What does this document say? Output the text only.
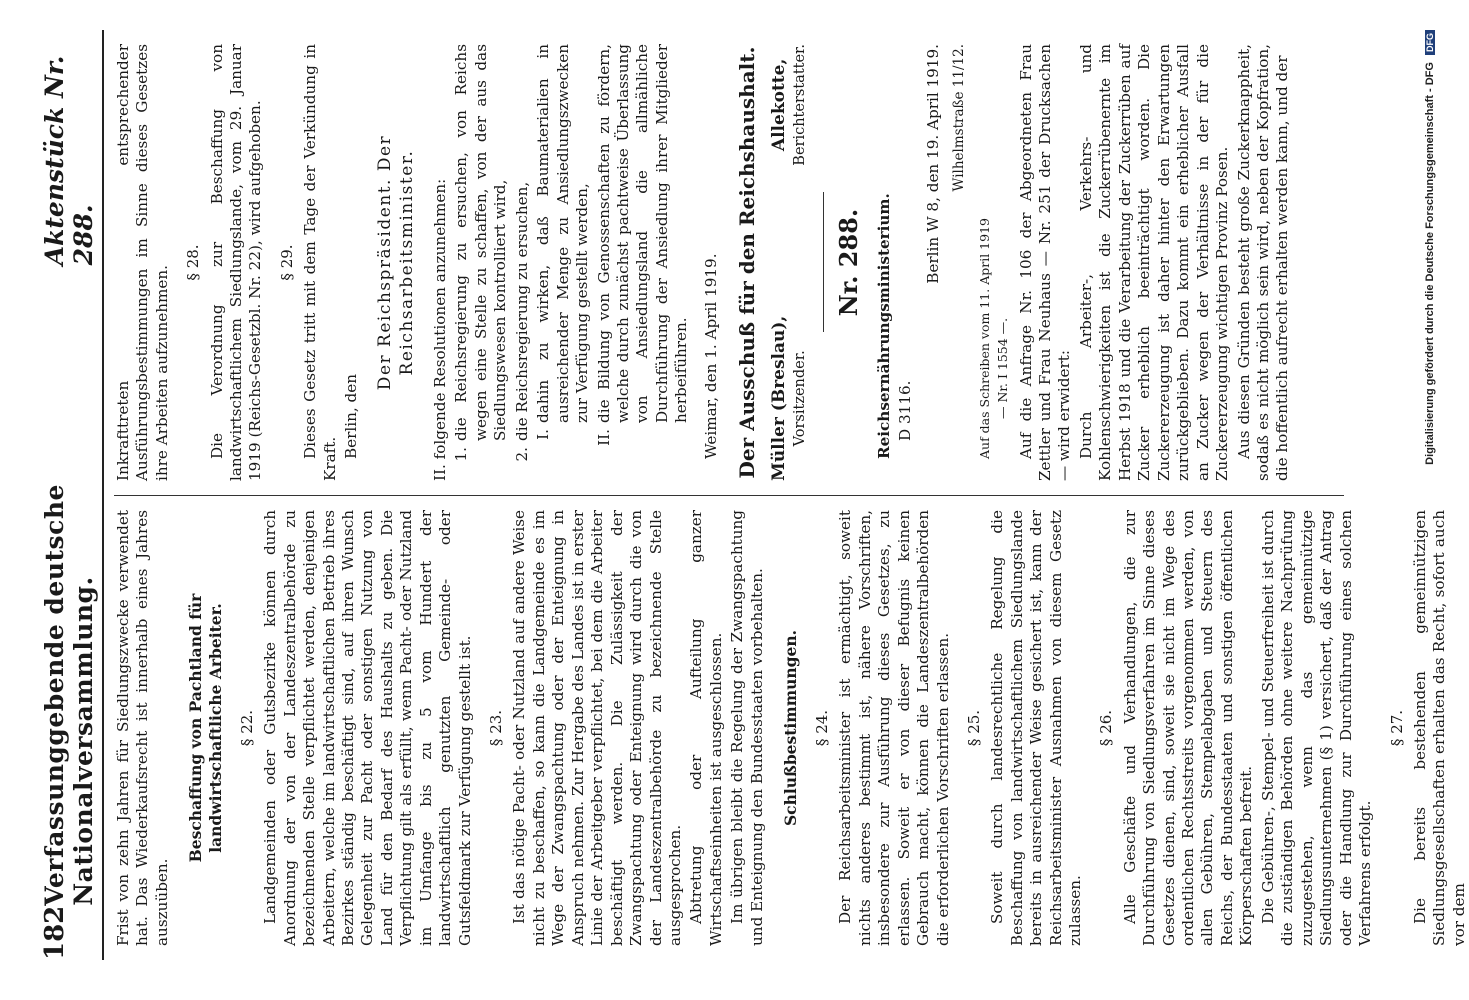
182
Verfassunggebende deutsche Nationalversammlung.
Aktenstück Nr. 288.

Frist von zehn Jahren für Siedlungszwecke verwendet hat. Das Wiederkaufsrecht ist innerhalb eines Jahres auszuüben.

Beschaffung von Pachtland für landwirtschaftliche Arbeiter. § 22. Landgemeinden oder Gutsbezirke können durch Anordnung der von der Landeszentralbehörde zu bezeichnenden Stelle verpflichtet werden, denjenigen Arbeitern, welche im landwirtschaftlichen Betrieb ihres Bezirkes ständig beschäftigt sind, auf ihren Wunsch Gelegenheit zur Pacht oder sonstigen Nutzung von Land für den Bedarf des Haushalts zu geben. Die Verpflichtung gilt als erfüllt, wenn Pacht- oder Nutzland im Umfange bis zu 5 vom Hundert der landwirtschaftlich genutzten Gemeinde- oder Gutsfeldmark zur Verfügung gestellt ist. § 23. Ist das nötige Pacht- oder Nutzland auf andere Weise nicht zu beschaffen, so kann die Landgemeinde es im Wege der Zwangspachtung oder der Enteignung in Anspruch nehmen. Zur Hergabe des Landes ist in erster Linie der Arbeitgeber verpflichtet, bei dem die Arbeiter beschäftigt werden. Die Zulässigkeit der Zwangspachtung oder Enteignung wird durch die von der Landeszentralbehörde zu bezeichnende Stelle ausgesprochen. Abtretung oder Aufteilung ganzer Wirtschaftseinheiten ist ausgeschlossen. Im übrigen bleibt die Regelung der Zwangspachtung und Enteignung den Bundesstaaten vorbehalten. Schlußbestimmungen. § 24. Der Reichsarbeitsminister ist ermächtigt, soweit nichts anderes bestimmt ist, nähere Vorschriften, insbesondere zur Ausführung dieses Gesetzes, zu erlassen. Soweit er von dieser Befugnis keinen Gebrauch macht, können die Landeszentralbehörden die erforderlichen Vorschriften erlassen. § 25. Soweit durch landesrechtliche Regelung die Beschaffung von landwirtschaftlichem Siedlungslande bereits in ausreichender Weise gesichert ist, kann der Reichsarbeitsminister Ausnahmen von diesem Gesetz zulassen.

§ 26. Alle Geschäfte und Verhandlungen, die zur Durchführung von Siedlungsverfahren im Sinne dieses Gesetzes dienen, sind, soweit sie nicht im Wege des ordentlichen Rechtsstreits vorgenommen werden, von allen Gebühren, Stempelabgaben und Steuern des Reichs, der Bundesstaaten und sonstigen öffentlichen Körperschaften befreit. Die Gebühren-, Stempel- und Steuerfreiheit ist durch die zuständigen Behörden ohne weitere Nachprüfung zuzugestehen, wenn das gemeinnützige Siedlungsunternehmen (§ 1) versichert, daß der Antrag oder die Handlung zur Durchführung eines solchen Verfahrens erfolgt.

§ 27. Die bereits bestehenden gemeinnützigen Siedlungsgesellschaften erhalten das Recht, sofort auch vor dem

Inkrafttreten entsprechender Ausführungsbestimmungen im Sinne dieses Gesetzes ihre Arbeiten aufzunehmen.

§ 28. Die Verordnung zur Beschaffung von landwirtschaftlichem Siedlungslande, vom 29. Januar 1919 (Reichs-Gesetzbl. Nr. 22), wird aufgehoben. § 29. Dieses Gesetz tritt mit dem Tage der Verkündung in Kraft. Berlin, den

Der Reichspräsident. Der Reichsarbeitsminister. II. folgende Resolutionen anzunehmen: 1.
die Reichsregierung zu ersuchen, von Reichs wegen eine Stelle zu schaffen, von der aus das Siedlungswesen kontrolliert wird,
2.
die Reichsregierung zu ersuchen, I.
dahin zu wirken, daß Baumaterialien in ausreichender Menge zu Ansiedlungszwecken zur Verfügung gestellt werden,
II.
die Bildung von Genossenschaften zu fördern, welche durch zunächst pachtweise Überlassung von Ansiedlungsland die allmähliche Durchführung der Ansiedlung ihrer Mitglieder herbeiführen. Weimar, den 1. April 1919. Der Ausschuß für den Reichshaushalt. Müller (Breslau), Vorsitzender.
Allekotte, Berichterstatter.
Nr. 288. Reichsernährungsministerium. D 3116.

Berlin W 8, den 19. April 1919. Wilhelmstraße 11/12.

Auf das Schreiben vom 11. April 1919 — Nr. I 1554 —. Auf die Anfrage Nr. 106 der Abgeordneten Frau Zettler und Frau Neuhaus — Nr. 251 der Drucksachen — wird erwidert: Durch Arbeiter-, Verkehrs- und Kohlenschwierigkeiten ist die Zuckerrübenernte im Herbst 1918 und die Verarbeitung der Zuckerrüben auf Zucker erheblich beeinträchtigt worden. Die Zuckererzeugung ist daher hinter den Erwartungen zurückgeblieben. Dazu kommt ein erheblicher Ausfall an Zucker wegen der Verhältnisse in der für die Zuckererzeugung wichtigen Provinz Posen. Aus diesen Gründen besteht große Zuckerknappheit, sodaß es nicht möglich sein wird, neben der Kopfration, die hoffentlich aufrecht erhalten werden kann, und der	Digitalisierung gefördert durch die Deutsche Forschungsgemeinschaft - DFG DFG
